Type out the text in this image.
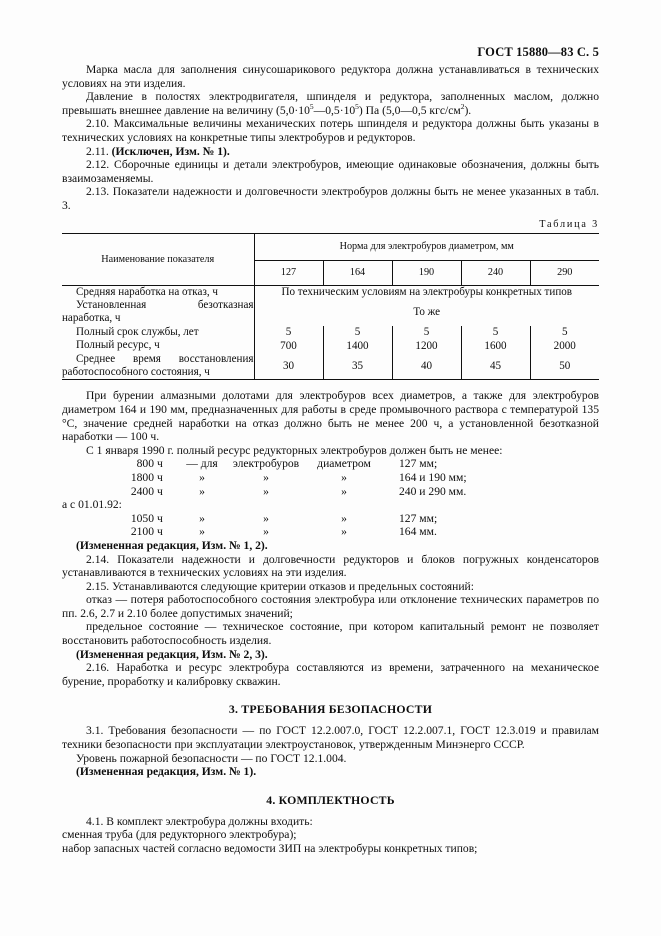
ГОСТ 15880—83 С. 5

Марка масла для заполнения синусошарикового редуктора должна устанавливаться в технических условиях на эти изделия.

Давление в полостях электродвигателя, шпинделя и редуктора, заполненных маслом, должно превышать внешнее давление на величину $(5,0\cdot 10^5—0,5\cdot 10^5)$ Па (5,0—0,5 кгс/$см^2$).

2.10. Максимальные величины механических потерь шпинделя и редуктора должны быть указаны в технических условиях на конкретные типы электробуров и редукторов.

2.11. (Исключен, Изм. № 1).

2.12. Сборочные единицы и детали электробуров, имеющие одинаковые обозначения, должны быть взаимозаменяемы.

2.13. Показатели надежности и долговечности электробуров должны быть не менее указанных в табл. 3.

Таблица 3
Наименование показателя	Норма для электробуров диаметром, мм				
	127	164	190	240	290
Средняя наработка на отказ, ч	По техническим условиям на электробуры конкретных типов				
Установленная безотказная наработка, ч	То же				
Полный срок службы, лет	5	5	5	5	5
Полный ресурс, ч	700	1400	1200	1600	2000
Среднее время восстановления работоспособного состояния, ч	30	35	40	45	50

При бурении алмазными долотами для электробуров всех диаметров, а также для электробуров диаметром 164 и 190 мм, предназначенных для работы в среде промывочного раствора с температурой 135 °С, значение средней наработки на отказ должно быть не менее 200 ч, а установленной безотказной наработки — 100 ч.

С 1 января 1990 г. полный ресурс редукторных электробуров должен быть не менее:

800 ч	— для	электробуров	диаметром	127 мм;
1800 ч	»	»	»	164 и 190 мм;
2400 ч	»	»	»	240 и 290 мм.
а с 01.01.92:
1050 ч	»	»	»	127 мм;
2100 ч	»	»	»	164 мм.

(Измененная редакция, Изм. № 1, 2).

2.14. Показатели надежности и долговечности редукторов и блоков погружных конденсаторов устанавливаются в технических условиях на эти изделия.

2.15. Устанавливаются следующие критерии отказов и предельных состояний:

отказ — потеря работоспособного состояния электробура или отклонение технических параметров по пп. 2.6, 2.7 и 2.10 более допустимых значений;

предельное состояние — техническое состояние, при котором капитальный ремонт не позволяет восстановить работоспособность изделия.

(Измененная редакция, Изм. № 2, 3).

2.16. Наработка и ресурс электробура составляются из времени, затраченного на механическое бурение, проработку и калибровку скважин.

3. ТРЕБОВАНИЯ БЕЗОПАСНОСТИ

3.1. Требования безопасности — по ГОСТ 12.2.007.0, ГОСТ 12.2.007.1, ГОСТ 12.3.019 и правилам техники безопасности при эксплуатации электроустановок, утвержденным Минэнерго СССР.

Уровень пожарной безопасности — по ГОСТ 12.1.004.

(Измененная редакция, Изм. № 1).

4. КОМПЛЕКТНОСТЬ

4.1. В комплект электробура должны входить:

сменная труба (для редукторного электробура);

набор запасных частей согласно ведомости ЗИП на электробуры конкретных типов;
